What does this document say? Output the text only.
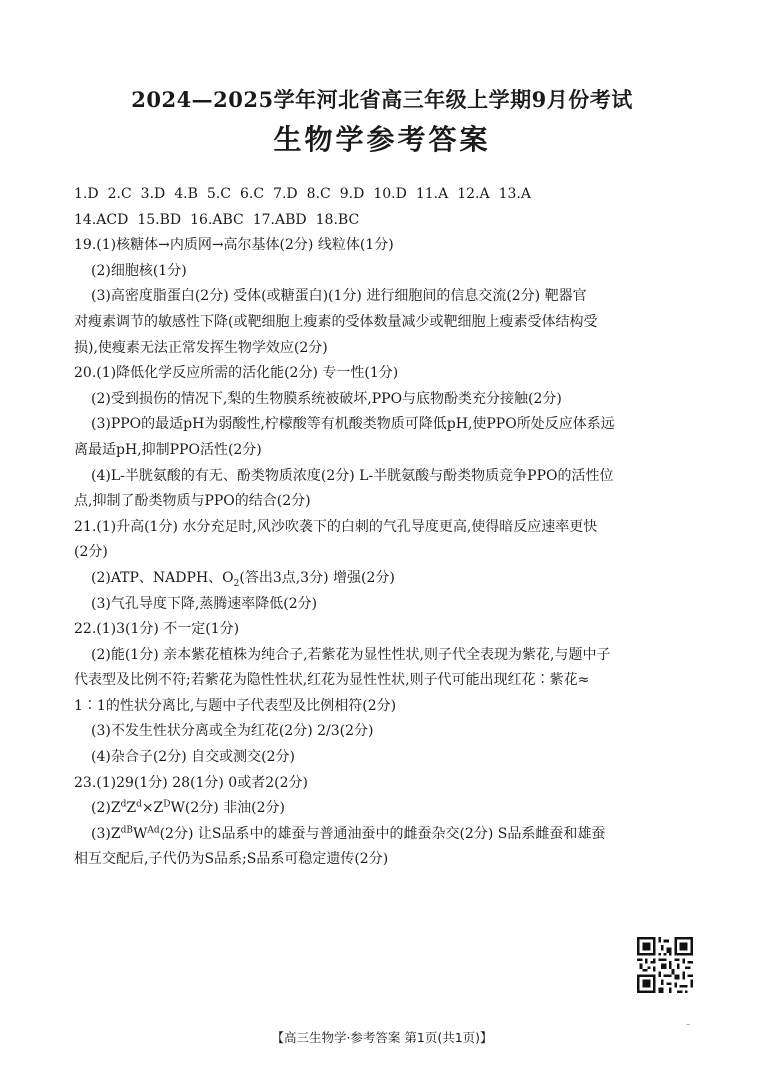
2024—2025学年河北省高三年级上学期9月份考试
生物学参考答案
1.D 2.C 3.D 4.B 5.C 6.C 7.D 8.C 9.D 10.D 11.A 12.A 13.A
14.ACD 15.BD 16.ABC 17.ABD 18.BC
19.(1)核糖体→内质网→高尔基体(2分) 线粒体(1分)
(2)细胞核(1分)
(3)高密度脂蛋白(2分) 受体(或糖蛋白)(1分) 进行细胞间的信息交流(2分) 靶器官
对瘦素调节的敏感性下降(或靶细胞上瘦素的受体数量减少或靶细胞上瘦素受体结构受
损),使瘦素无法正常发挥生物学效应(2分)
20.(1)降低化学反应所需的活化能(2分) 专一性(1分)
(2)受到损伤的情况下,梨的生物膜系统被破坏,PPO与底物酚类充分接触(2分)
(3)PPO的最适pH为弱酸性,柠檬酸等有机酸类物质可降低pH,使PPO所处反应体系远
离最适pH,抑制PPO活性(2分)
(4)L-半胱氨酸的有无、酚类物质浓度(2分) L-半胱氨酸与酚类物质竞争PPO的活性位
点,抑制了酚类物质与PPO的结合(2分)
21.(1)升高(1分) 水分充足时,风沙吹袭下的白刺的气孔导度更高,使得暗反应速率更快
(2分)
(2)ATP、NADPH、$O_2$(答出3点,3分) 增强(2分)
(3)气孔导度下降,蒸腾速率降低(2分)
22.(1)3(1分) 不一定(1分)
(2)能(1分) 亲本紫花植株为纯合子,若紫花为显性性状,则子代全表现为紫花,与题中子
代表型及比例不符;若紫花为隐性性状,红花为显性性状,则子代可能出现红花∶紫花≈
1∶1的性状分离比,与题中子代表型及比例相符(2分)
(3)不发生性状分离或全为红花(2分) 2/3(2分)
(4)杂合子(2分) 自交或测交(2分)
23.(1)29(1分) 28(1分) 0或者2(2分)
$(2)Z^dZ^d\times Z^DW(2$分) 非油(2分)
$(3)Z^{dB}W^{Ad}(2$分) 让S品系中的雄蚕与普通油蚕中的雌蚕杂交(2分) S品系雌蚕和雄蚕
相互交配后,子代仍为S品系;S品系可稳定遗传(2分)
【高三生物学·参考答案 第1页(共1页)】
–
